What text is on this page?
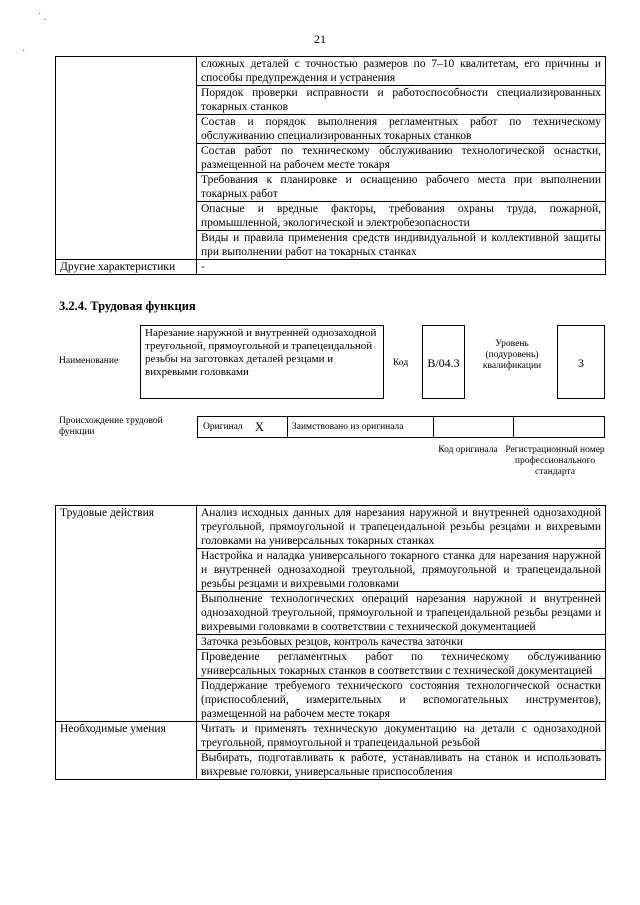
˙ .
·
21
	сложных деталей с точностью размеров по 7–10 квалитетам, его причины и способы предупреждения и устранения
	Порядок проверки исправности и работоспособности специализированных токарных станков
	Состав и порядок выполнения регламентных работ по техническому обслуживанию специализированных токарных станков
	Состав работ по техническому обслуживанию технологической оснастки, размещенной на рабочем месте токаря
	Требования к планировке и оснащению рабочего места при выполнении токарных работ
	Опасные и вредные факторы, требования охраны труда, пожарной, промышленной, экологической и электробезопасности
	Виды и правила применения средств индивидуальной и коллективной защиты при выполнении работ на токарных станках
Другие характеристики	-
3.2.4. Трудовая функция
Наименование
Нарезание наружной и внутренней однозаходной треугольной, прямоугольной и трапецеидальной резьбы на заготовках деталей резцами и вихревыми головками
Код	B/04.3
Уровень (подуровень) квалификации	3
Происхождение трудовой функции
Оригинал X	Заимствовано из оригинала
Код оригинала Регистрационный номер профессионального стандарта
Трудовые действия	Анализ исходных данных для нарезания наружной и внутренней однозаходной треугольной, прямоугольной и трапецеидальной резьбы резцами и вихревыми головками на универсальных токарных станках
	Настройка и наладка универсального токарного станка для нарезания наружной и внутренней однозаходной треугольной, прямоугольной и трапецеидальной резьбы резцами и вихревыми головками
	Выполнение технологических операций нарезания наружной и внутренней однозаходной треугольной, прямоугольной и трапецеидальной резьбы резцами и вихревыми головками в соответствии с технической документацией
	Заточка резьбовых резцов, контроль качества заточки
	Проведение регламентных работ по техническому обслуживанию универсальных токарных станков в соответствии с технической документацией
	Поддержание требуемого технического состояния технологической оснастки (приспособлений, измерительных и вспомогательных инструментов), размещенной на рабочем месте токаря
Необходимые умения	Читать и применять техническую документацию на детали с однозаходной треугольной, прямоугольной и трапецеидальной резьбой
	Выбирать, подготавливать к работе, устанавливать на станок и использовать вихревые головки, универсальные приспособления
